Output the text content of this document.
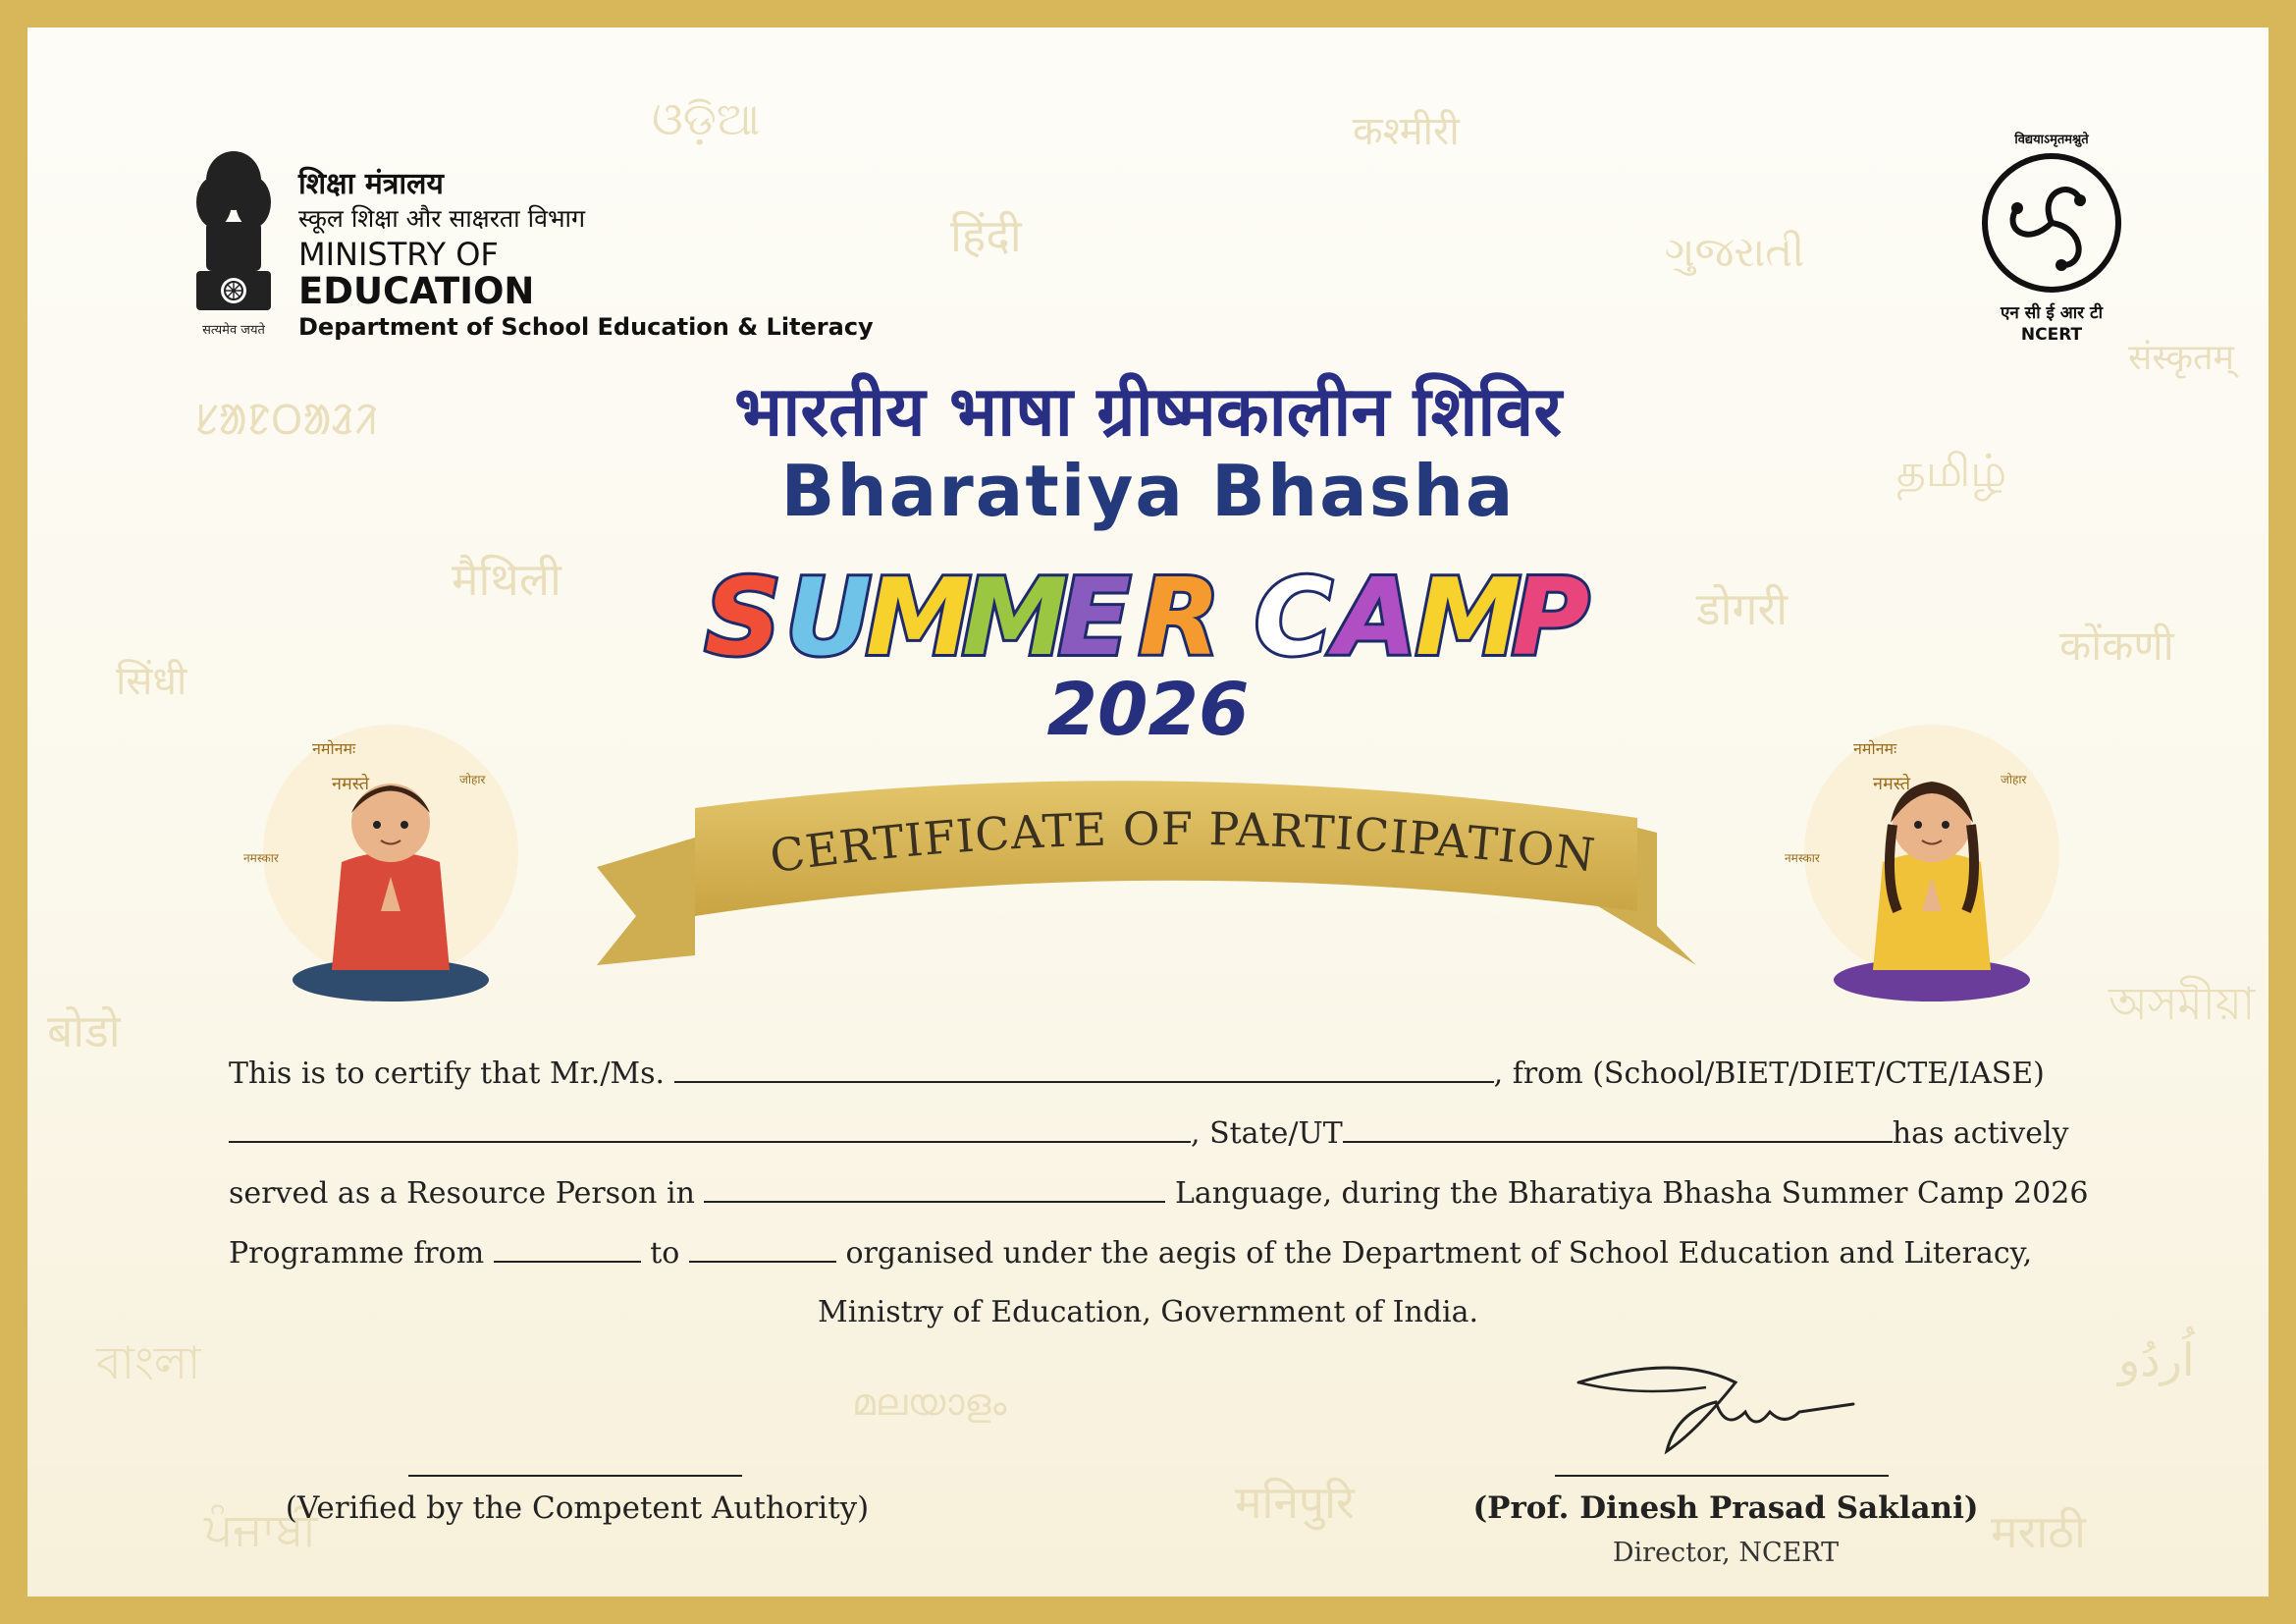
ଓଡ଼ିଆ
हिंदी
कश्मीरी
ગુજરાતી
संस्कृतम्
ᱥᱟᱱᱛᱟᱲᱤ
தமிழ்
मैथिली
डोगरी
कोंकणी
सिंधी
बोडो
অসমীয়া
বাংলা
മലയാളം
اُردُو
ਪੰਜਾਬੀ	मनिपुरि
मराठी
सत्यमेव जयते
शिक्षा मंत्रालय
स्कूल शिक्षा और साक्षरता विभाग
MINISTRY OF
EDUCATION
Department of School Education & Literacy
विद्ययाऽमृतमश्नुते
एन सी ई आर टी
NCERT
भारतीय भाषा ग्रीष्मकालीन शिविर
Bharatiya Bhasha
S U
M
M
E R C A
M
P
2026
CERTIFICATE OF PARTICIPATION
नमोनमः
नमस्ते
नमस्कार
जोहार
नमोनमः
नमस्ते
नमस्कार
जोहार
This is to certify that Mr./Ms.	, from (School/BIET/DIET/CTE/IASE)
, State/UT	has actively
served as a Resource Person in	Language, during the Bharatiya Bhasha Summer Camp 2026
Programme from	to	organised under the aegis of the Department of School Education and Literacy,
Ministry of Education, Government of India.
(Verified by the Competent Authority)	(Prof. Dinesh Prasad Saklani)
Director, NCERT
